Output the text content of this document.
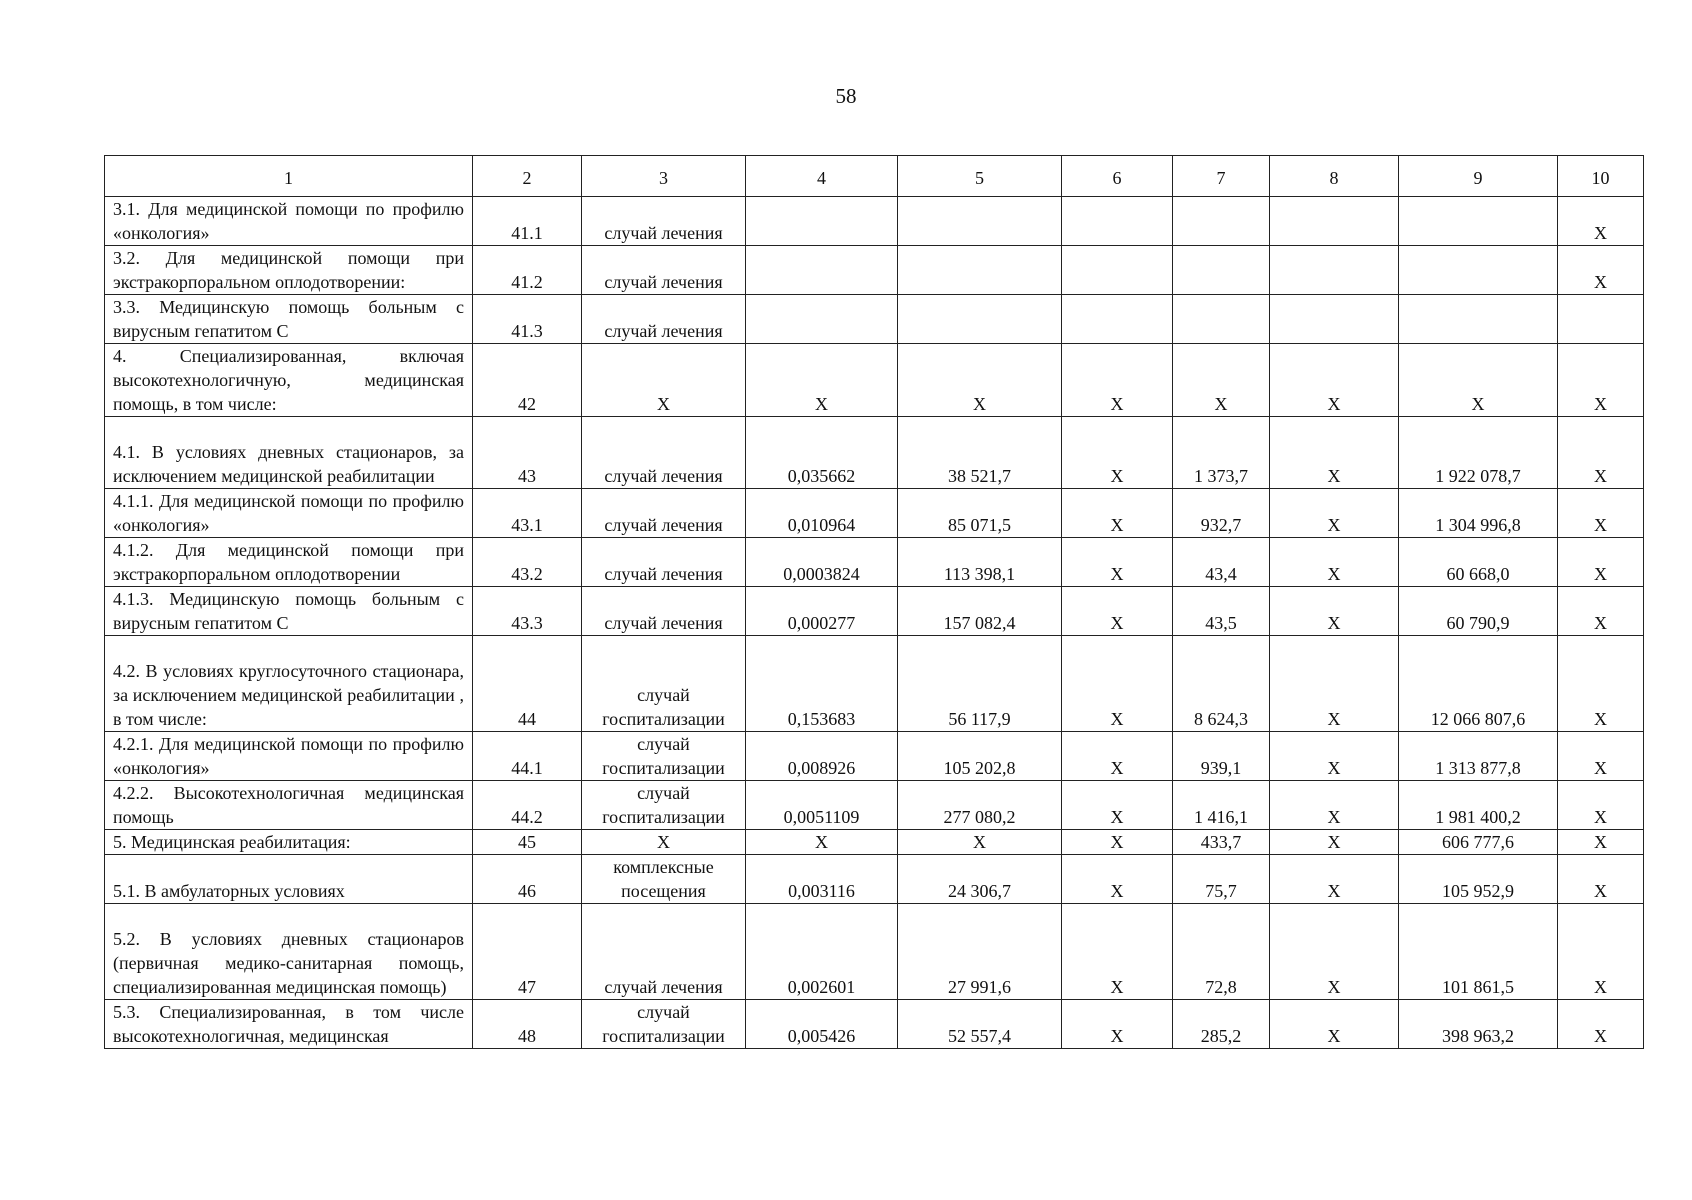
58
1	2	3	4	5	6	7	8	9	10
3.1. Для медицинской помощи по профилю «онкология»	41.1	случай лечения							Х
3.2. Для медицинской помощи при экстракорпоральном оплодотворении:	41.2	случай лечения							Х
3.3. Медицинскую помощь больным с вирусным гепатитом С	41.3	случай лечения							
4. Специализированная, включая высокотехнологичную, медицинская помощь, в том числе:	42	Х	Х	Х	Х	Х	Х	Х	Х
4.1. В условиях дневных стационаров, за исключением медицинской реабилитации	43	случай лечения	0,035662	38 521,7	Х	1 373,7	Х	1 922 078,7	Х
4.1.1. Для медицинской помощи по профилю «онкология»	43.1	случай лечения	0,010964	85 071,5	Х	932,7	Х	1 304 996,8	Х
4.1.2. Для медицинской помощи при экстракорпоральном оплодотворении	43.2	случай лечения	0,0003824	113 398,1	Х	43,4	Х	60 668,0	Х
4.1.3. Медицинскую помощь больным с вирусным гепатитом С	43.3	случай лечения	0,000277	157 082,4	Х	43,5	Х	60 790,9	Х
4.2. В условиях круглосуточного стационара, за исключением медицинской реабилитации , в том числе:	44	случай госпитализации	0,153683	56 117,9	Х	8 624,3	Х	12 066 807,6	Х
4.2.1. Для медицинской помощи по профилю «онкология»	44.1	случай госпитализации	0,008926	105 202,8	Х	939,1	Х	1 313 877,8	Х
4.2.2. Высокотехнологичная медицинская помощь	44.2	случай госпитализации	0,0051109	277 080,2	Х	1 416,1	Х	1 981 400,2	Х
5. Медицинская реабилитация:	45	Х	Х	Х	Х	433,7	Х	606 777,6	Х
5.1. В амбулаторных условиях	46	комплексные посещения	0,003116	24 306,7	Х	75,7	Х	105 952,9	Х
5.2. В условиях дневных стационаров (первичная медико-санитарная помощь, специализированная медицинская помощь)	47	случай лечения	0,002601	27 991,6	Х	72,8	Х	101 861,5	Х
5.3. Специализированная, в том числе высокотехнологичная, медицинская	48	случай госпитализации	0,005426	52 557,4	Х	285,2	Х	398 963,2	Х
